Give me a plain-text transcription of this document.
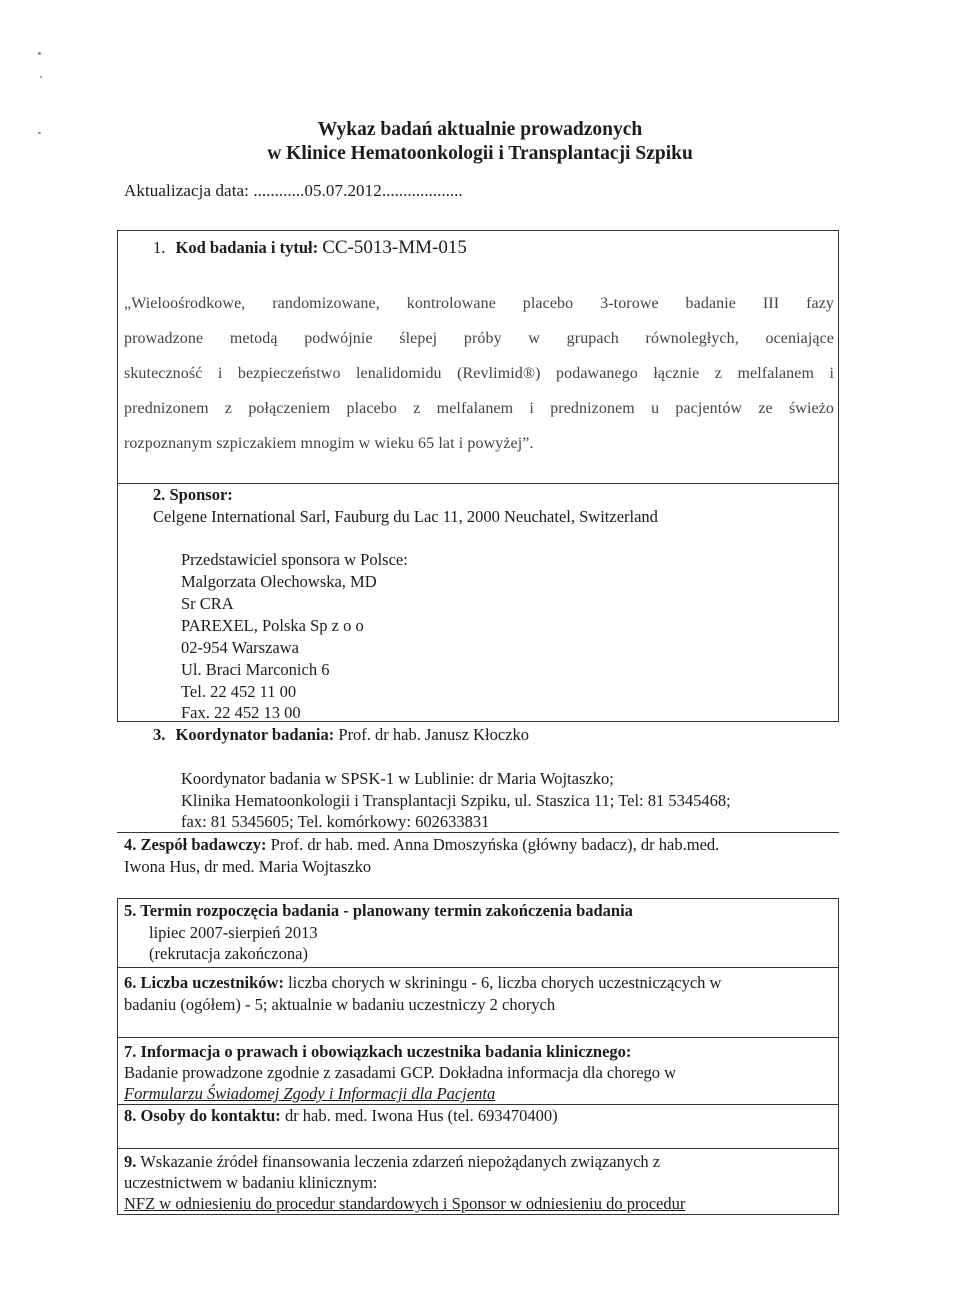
Wykaz badań aktualnie prowadzonych
w Klinice Hematoonkologii i Transplantacji Szpiku
Aktualizacja data: ............05.07.2012...................
1. Kod badania i tytuł: CC-5013-MM-015
„Wieloośrodkowe, randomizowane, kontrolowane placebo 3-torowe badanie III fazy
prowadzone metodą podwójnie ślepej próby w grupach równoległych, oceniające
skuteczność i bezpieczeństwo lenalidomidu (Revlimid®) podawanego łącznie z melfalanem i
prednizonem z połączeniem placebo z melfalanem i prednizonem u pacjentów ze świeżo
rozpoznanym szpiczakiem mnogim w wieku 65 lat i powyżej”.
2. Sponsor:
Celgene International Sarl, Fauburg du Lac 11, 2000 Neuchatel, Switzerland
Przedstawiciel sponsora w Polsce:
Malgorzata Olechowska, MD
Sr CRA
PAREXEL, Polska Sp z o o
02-954 Warszawa
Ul. Braci Marconich 6
Tel. 22 452 11 00
Fax. 22 452 13 00
3. Koordynator badania: Prof. dr hab. Janusz Kłoczko
Koordynator badania w SPSK-1 w Lublinie: dr Maria Wojtaszko;
Klinika Hematoonkologii i Transplantacji Szpiku, ul. Staszica 11; Tel: 81 5345468;
fax: 81 5345605; Tel. komórkowy: 602633831
4. Zespół badawczy: Prof. dr hab. med. Anna Dmoszyńska (główny badacz), dr hab.med.
Iwona Hus, dr med. Maria Wojtaszko
5. Termin rozpoczęcia badania - planowany termin zakończenia badania
lipiec 2007-sierpień 2013
(rekrutacja zakończona)
6. Liczba uczestników: liczba chorych w skriningu - 6, liczba chorych uczestniczących w
badaniu (ogółem) - 5; aktualnie w badaniu uczestniczy 2 chorych
7. Informacja o prawach i obowiązkach uczestnika badania klinicznego:
Badanie prowadzone zgodnie z zasadami GCP. Dokładna informacja dla chorego w
Formularzu Świadomej Zgody i Informacji dla Pacjenta
8. Osoby do kontaktu: dr hab. med. Iwona Hus (tel. 693470400)
9. Wskazanie źródeł finansowania leczenia zdarzeń niepożądanych związanych z
uczestnictwem w badaniu klinicznym:
NFZ w odniesieniu do procedur standardowych i Sponsor w odniesieniu do procedur
